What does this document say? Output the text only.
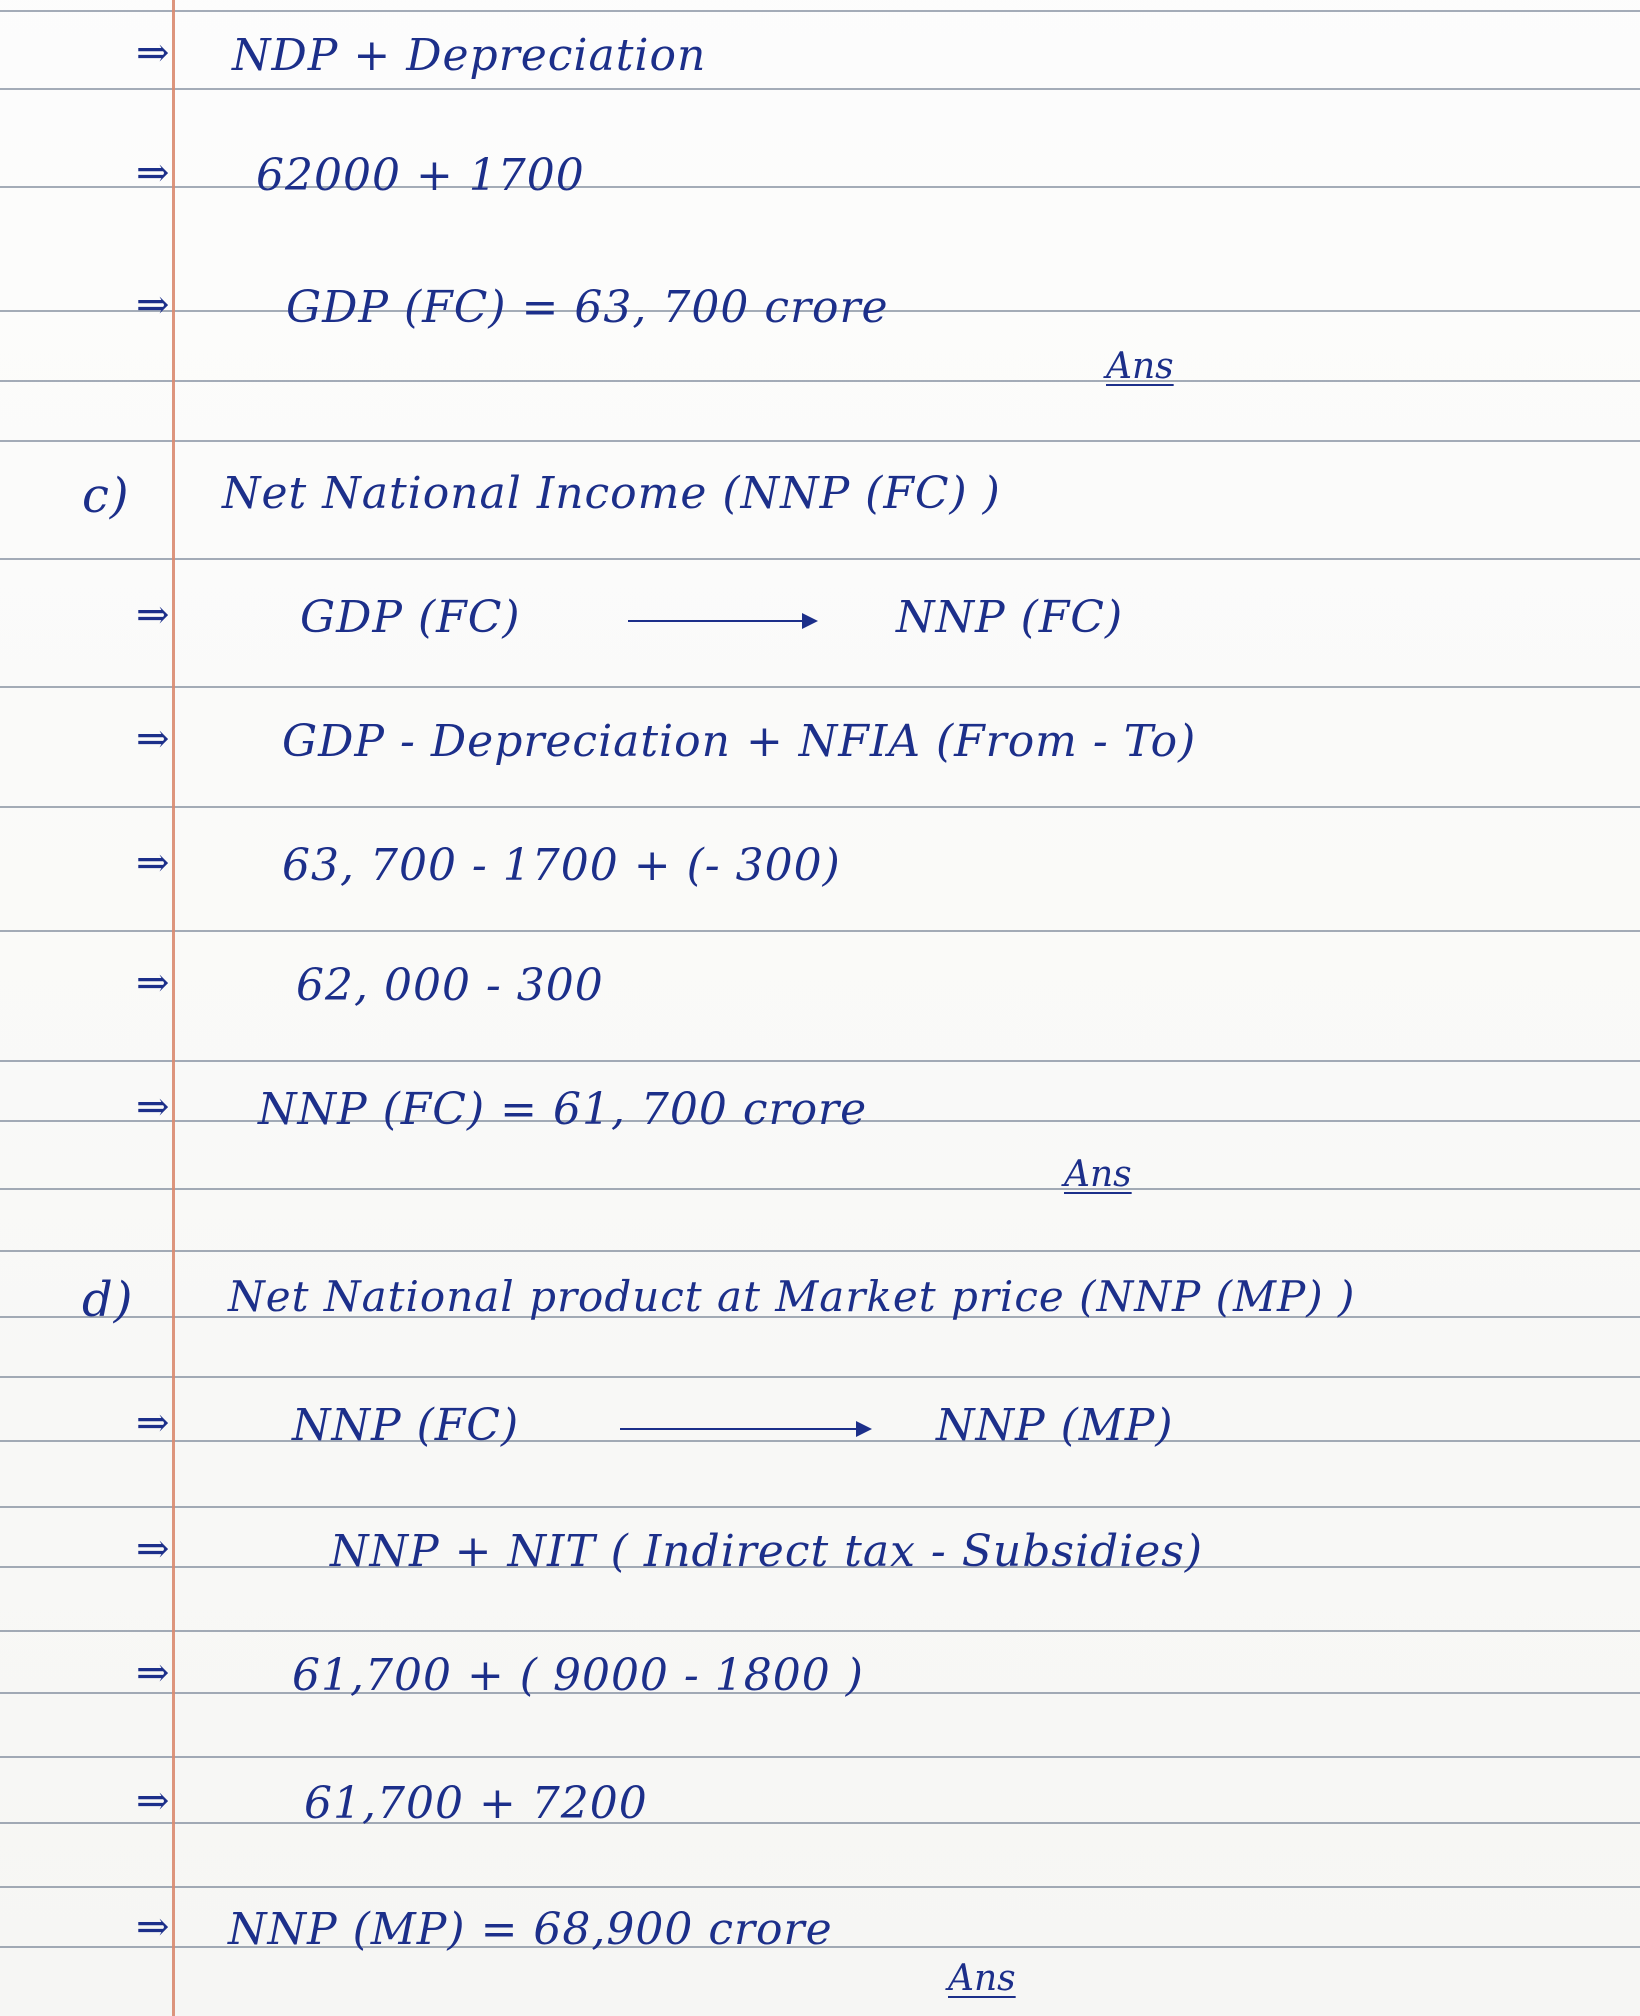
⇒ NDP + Depreciation
⇒ 62000 + 1700
⇒	GDP (FC) = 63, 700 crore
Ans
c) Net National Income (NNP (FC) )
⇒	GDP (FC)	NNP (FC)
⇒	GDP - Depreciation + NFIA (From - To)
⇒	63, 700 - 1700 + (- 300)
⇒	62, 000 - 300
⇒ NNP (FC) = 61, 700 crore
Ans
d) Net National product at Market price (NNP (MP) )
⇒	NNP (FC)	NNP (MP)
⇒	NNP + NIT ( Indirect tax - Subsidies)
⇒	61,700 + ( 9000 - 1800 )
⇒	61,700 + 7200
⇒ NNP (MP) = 68,900 crore
Ans
